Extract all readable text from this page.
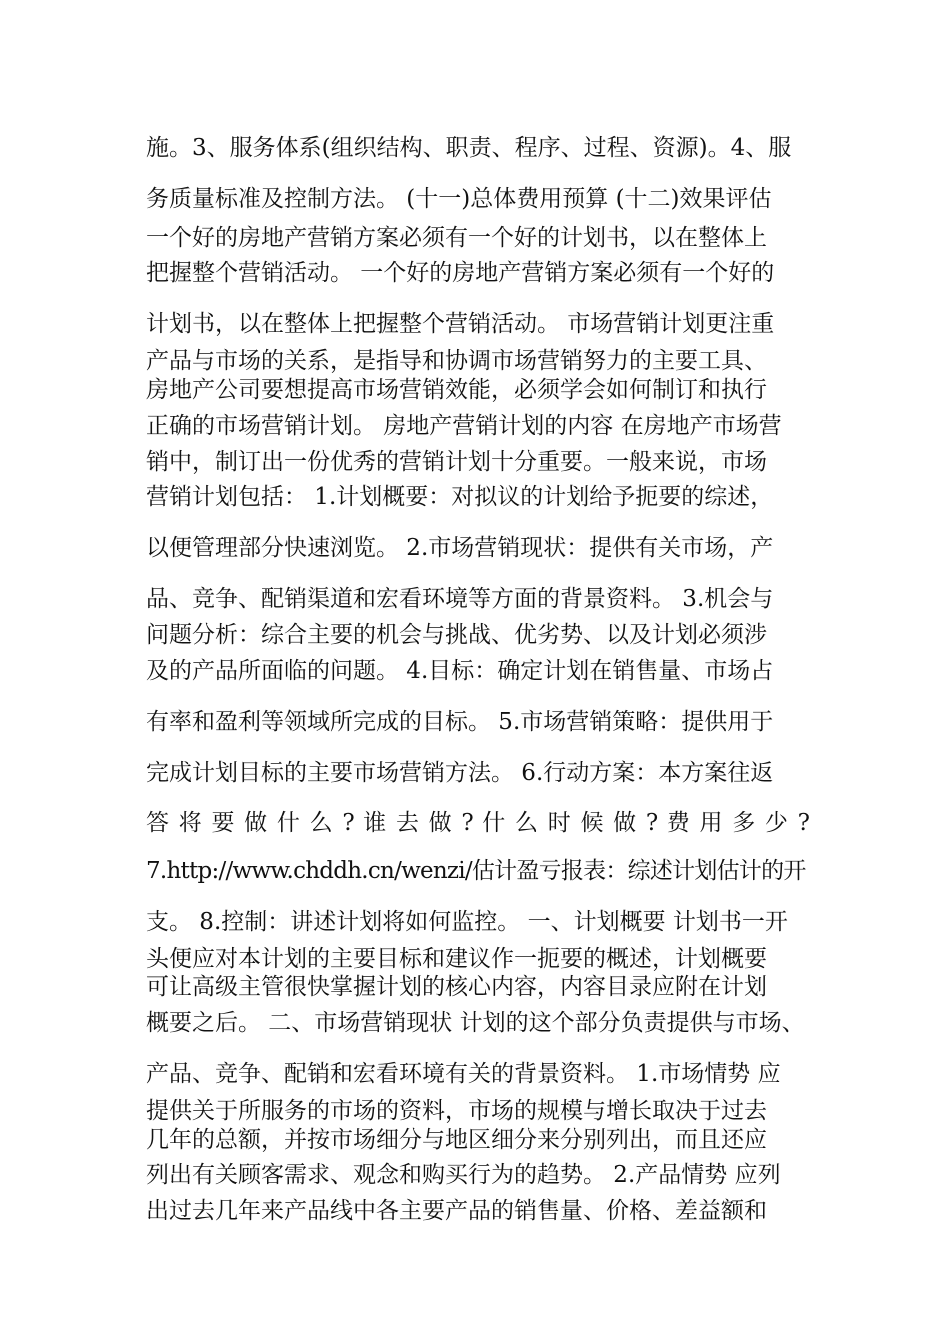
施。3、服务体系(组织结构、职责、程序、过程、资源)。4、服
务质量标准及控制方法。 (十一)总体费用预算 (十二)效果评估
一个好的房地产营销方案必须有一个好的计划书，以在整体上
把握整个营销活动。 一个好的房地产营销方案必须有一个好的
计划书，以在整体上把握整个营销活动。 市场营销计划更注重
产品与市场的关系，是指导和协调市场营销努力的主要工具、
房地产公司要想提高市场营销效能，必须学会如何制订和执行
正确的市场营销计划。 房地产营销计划的内容 在房地产市场营
销中，制订出一份优秀的营销计划十分重要。一般来说，市场
营销计划包括： 1.计划概要：对拟议的计划给予扼要的综述，
以便管理部分快速浏览。 2.市场营销现状：提供有关市场，产
品、竞争、配销渠道和宏看环境等方面的背景资料。 3.机会与
问题分析：综合主要的机会与挑战、优劣势、以及计划必须涉
及的产品所面临的问题。 4.目标：确定计划在销售量、市场占
有率和盈利等领域所完成的目标。 5.市场营销策略：提供用于
完成计划目标的主要市场营销方法。 6.行动方案：本方案往返
答 将 要 做 什 么 ? 谁 去 做 ? 什 么 时 候 做 ? 费 用 多 少 ?
7.http://www.chddh.cn/wenzi/估计盈亏报表：综述计划估计的开
支。 8.控制：讲述计划将如何监控。 一、计划概要 计划书一开
头便应对本计划的主要目标和建议作一扼要的概述，计划概要
可让高级主管很快掌握计划的核心内容，内容目录应附在计划
概要之后。 二、市场营销现状 计划的这个部分负责提供与市场、
产品、竞争、配销和宏看环境有关的背景资料。 1.市场情势 应
提供关于所服务的市场的资料，市场的规模与增长取决于过去
几年的总额，并按市场细分与地区细分来分别列出，而且还应
列出有关顾客需求、观念和购买行为的趋势。 2.产品情势 应列
出过去几年来产品线中各主要产品的销售量、价格、差益额和
